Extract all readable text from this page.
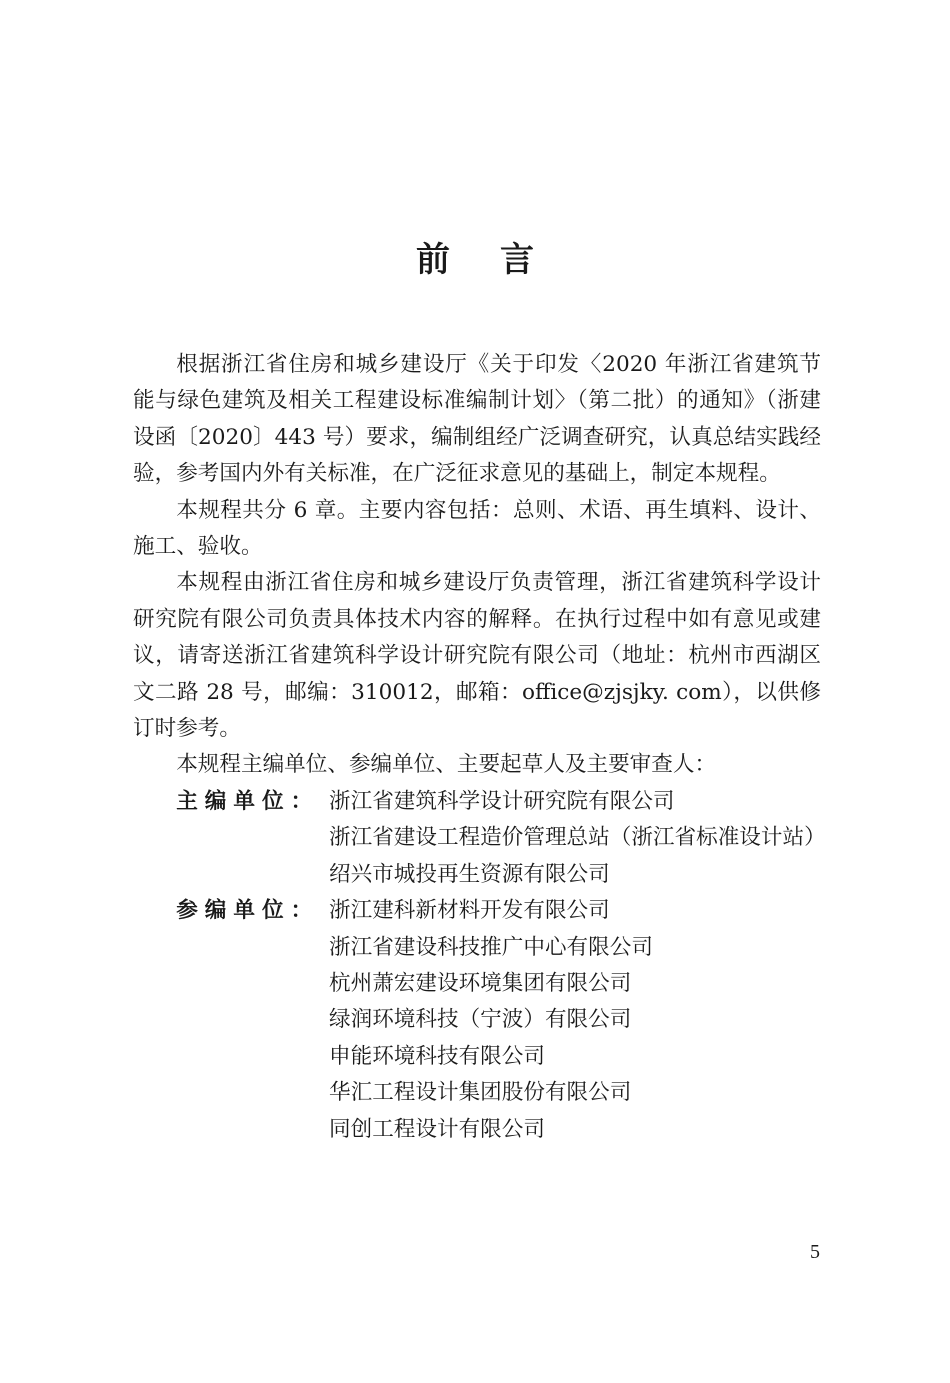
前 言

根据浙江省住房和城乡建设厅《关于印发〈2020 年浙江省建筑节能与绿色建筑及相关工程建设标准编制计划〉（第二批）的通知》（浙建设函〔2020〕443 号）要求，编制组经广泛调查研究，认真总结实践经验，参考国内外有关标准，在广泛征求意见的基础上，制定本规程。

本规程共分 6 章。主要内容包括：总则、术语、再生填料、设计、施工、验收。

本规程由浙江省住房和城乡建设厅负责管理，浙江省建筑科学设计研究院有限公司负责具体技术内容的解释。在执行过程中如有意见或建议，请寄送浙江省建筑科学设计研究院有限公司（地址：杭州市西湖区文二路 28 号，邮编：310012，邮箱：office@zjsjky. com），以供修订时参考。

本规程主编单位、参编单位、主要起草人及主要审查人：

主编单位： 浙江省建筑科学设计研究院有限公司
浙江省建设工程造价管理总站（浙江省标准设计站）
绍兴市城投再生资源有限公司
参编单位： 浙江建科新材料开发有限公司
浙江省建设科技推广中心有限公司
杭州萧宏建设环境集团有限公司
绿润环境科技（宁波）有限公司
申能环境科技有限公司
华汇工程设计集团股份有限公司
同创工程设计有限公司
5
